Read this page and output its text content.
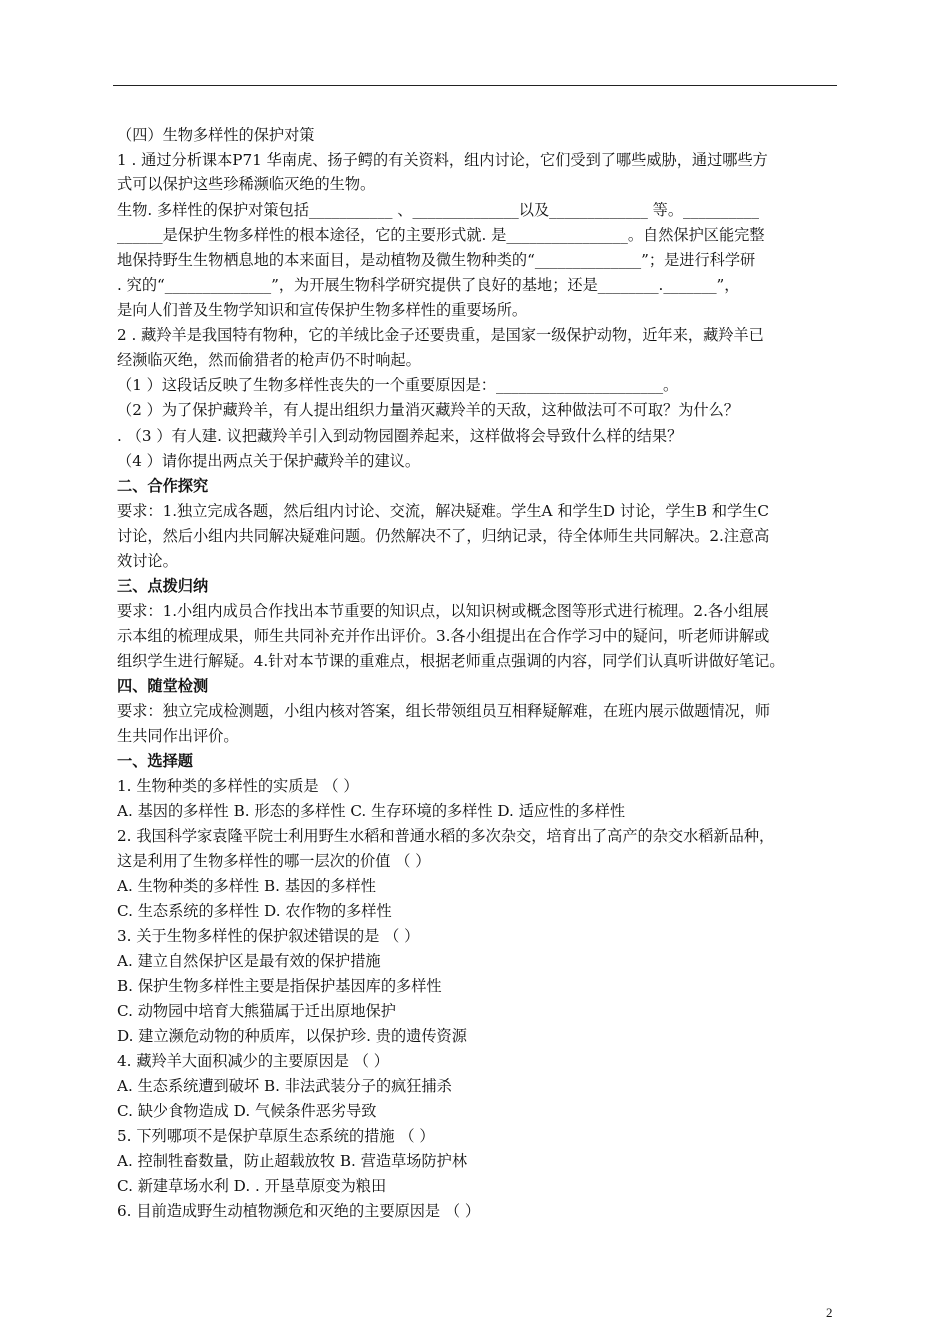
（四）生物多样性的保护对策
1 . 通过分析课本P71 华南虎、扬子鳄的有关资料，组内讨论，它们受到了哪些威胁，通过哪些方
式可以保护这些珍稀濒临灭绝的生物。
生物. 多样性的保护对策包括___________ 、______________以及_____________ 等。__________
______是保护生物多样性的根本途径，它的主要形式就. 是________________。自然保护区能完整
地保持野生生物栖息地的本来面目，是动植物及微生物种类的“______________”；是进行科学研
. 究的“______________”，为开展生物科学研究提供了良好的基地；还是________._______”，
是向人们普及生物学知识和宣传保护生物多样性的重要场所。
2 . 藏羚羊是我国特有物种，它的羊绒比金子还要贵重，是国家一级保护动物，近年来，藏羚羊已
经濒临灭绝，然而偷猎者的枪声仍不时响起。
（1 ）这段话反映了生物多样性丧失的一个重要原因是：______________________。
（2 ）为了保护藏羚羊，有人提出组织力量消灭藏羚羊的天敌，这种做法可不可取？为什么？
. （3 ）有人建. 议把藏羚羊引入到动物园圈养起来，这样做将会导致什么样的结果？
（4 ）请你提出两点关于保护藏羚羊的建议。
二、合作探究
要求：1.独立完成各题，然后组内讨论、交流，解决疑难。学生A 和学生D 讨论，学生B 和学生C
讨论，然后小组内共同解决疑难问题。仍然解决不了，归纳记录，待全体师生共同解决。2.注意高
效讨论。
三、点拨归纳
要求：1.小组内成员合作找出本节重要的知识点，以知识树或概念图等形式进行梳理。2.各小组展
示本组的梳理成果，师生共同补充并作出评价。3.各小组提出在合作学习中的疑问，听老师讲解或
组织学生进行解疑。4.针对本节课的重难点，根据老师重点强调的内容，同学们认真听讲做好笔记。
四、随堂检测
要求：独立完成检测题，小组内核对答案，组长带领组员互相释疑解难，在班内展示做题情况，师
生共同作出评价。
一、选择题
1. 生物种类的多样性的实质是 （ ）
A. 基因的多样性 B. 形态的多样性 C. 生存环境的多样性 D. 适应性的多样性
2. 我国科学家袁隆平院士利用野生水稻和普通水稻的多次杂交，培育出了高产的杂交水稻新品种，
这是利用了生物多样性的哪一层次的价值 （ ）
A. 生物种类的多样性 B. 基因的多样性
C. 生态系统的多样性 D. 农作物的多样性
3. 关于生物多样性的保护叙述错误的是 （ ）
A. 建立自然保护区是最有效的保护措施
B. 保护生物多样性主要是指保护基因库的多样性
C. 动物园中培育大熊猫属于迁出原地保护
D. 建立濒危动物的种质库，以保护珍. 贵的遗传资源
4. 藏羚羊大面积减少的主要原因是 （ ）
A. 生态系统遭到破坏 B. 非法武装分子的疯狂捕杀
C. 缺少食物造成 D. 气候条件恶劣导致
5. 下列哪项不是保护草原生态系统的措施 （ ）
A. 控制牲畜数量，防止超载放牧 B. 营造草场防护林
C. 新建草场水利 D. . 开垦草原变为粮田
6. 目前造成野生动植物濒危和灭绝的主要原因是 （ ）
2
